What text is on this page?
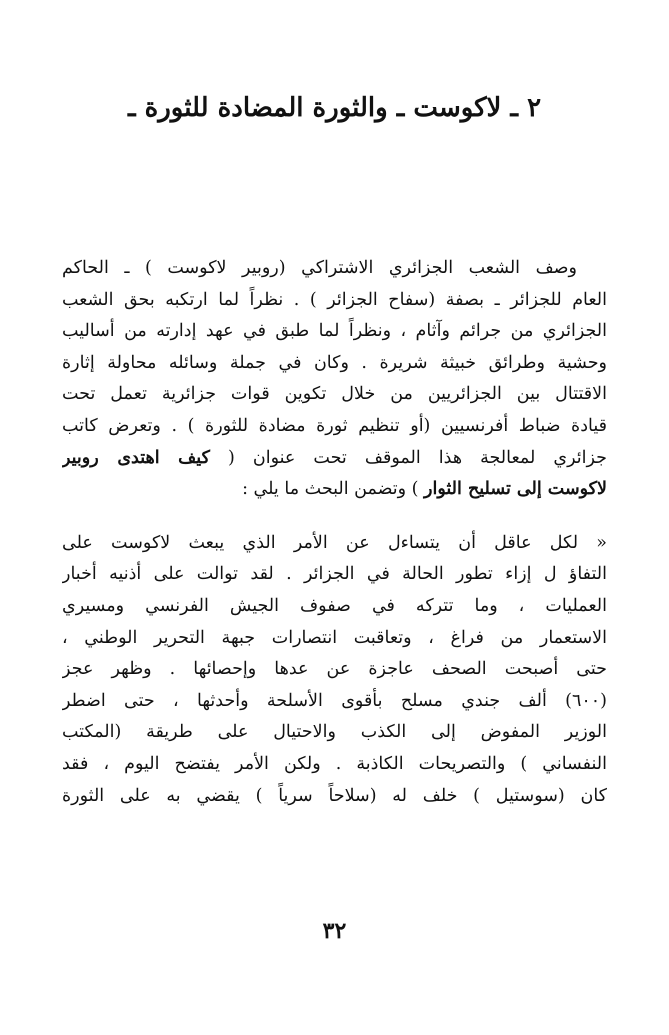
٢ ـ لاكوست ـ والثورة المضادة للثورة ـ
وصف الشعب الجزائري الاشتراكي (روبير لاكوست ) ـ الحاكم
العام للجزائر ـ بصفة (سفاح الجزائر ) . نظراً لما ارتكبه بحق الشعب
الجزائري من جرائم وآثام ، ونظراً لما طبق في عهد إدارته من أساليب
وحشية وطرائق خبيثة شريرة . وكان في جملة وسائله محاولة إثارة
الاقتتال بين الجزائريين من خلال تكوين قوات جزائرية تعمل تحت
قيادة ضباط أفرنسيين (أو تنظيم ثورة مضادة للثورة ) . وتعرض كاتب
جزائري لمعالجة هذا الموقف تحت عنوان ( كيف اهتدى روبير
لاكوست إلى تسليح الثوار ) وتضمن البحث ما يلي :
« لكل عاقل أن يتساءل عن الأمر الذي يبعث لاكوست على
التفاؤ ل إزاء تطور الحالة في الجزائر . لقد توالت على أذنيه أخبار
العمليات ، وما تتركه في صفوف الجيش الفرنسي ومسيري
الاستعمار من فراغ ، وتعاقبت انتصارات جبهة التحرير الوطني ،
حتى أصبحت الصحف عاجزة عن عدها وإحصائها . وظهر عجز
(٦٠٠) ألف جندي مسلح بأقوى الأسلحة وأحدثها ، حتى اضطر
الوزير المفوض إلى الكذب والاحتيال على طريقة (المكتب
النفساني ) والتصريحات الكاذبة . ولكن الأمر يفتضح اليوم ، فقد
كان (سوستيل ) خلف له (سلاحاً سرياً ) يقضي به على الثورة
٣٢
